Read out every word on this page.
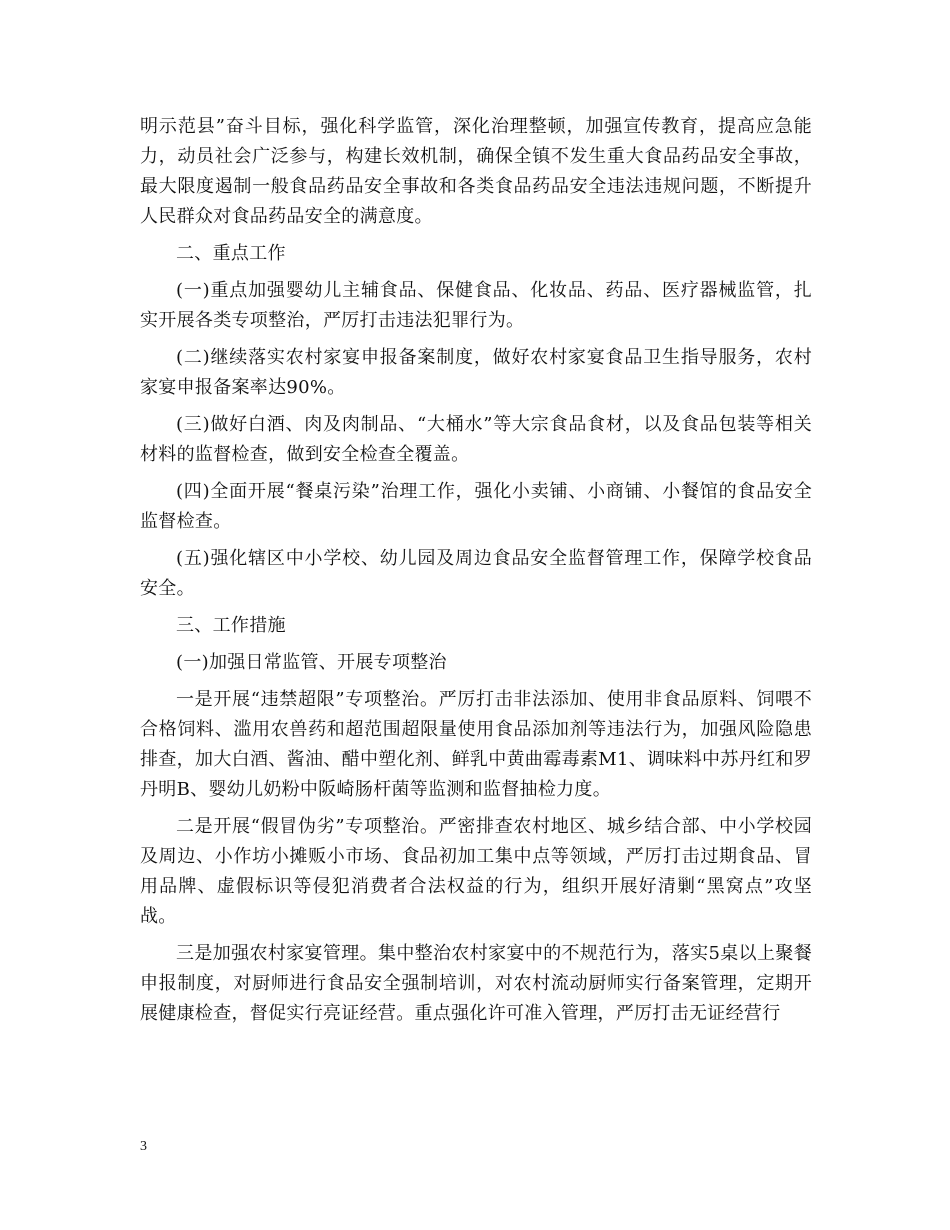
明示范县”奋斗目标，强化科学监管，深化治理整顿，加强宣传教育，提高应急能力，动员社会广泛参与，构建长效机制，确保全镇不发生重大食品药品安全事故，最大限度遏制一般食品药品安全事故和各类食品药品安全违法违规问题，不断提升人民群众对食品药品安全的满意度。

二、重点工作

(一)重点加强婴幼儿主辅食品、保健食品、化妆品、药品、医疗器械监管，扎实开展各类专项整治，严厉打击违法犯罪行为。

(二)继续落实农村家宴申报备案制度，做好农村家宴食品卫生指导服务，农村家宴申报备案率达90%。

(三)做好白酒、肉及肉制品、“大桶水”等大宗食品食材，以及食品包装等相关材料的监督检查，做到安全检查全覆盖。

(四)全面开展“餐桌污染”治理工作，强化小卖铺、小商铺、小餐馆的食品安全监督检查。

(五)强化辖区中小学校、幼儿园及周边食品安全监督管理工作，保障学校食品安全。

三、工作措施

(一)加强日常监管、开展专项整治

一是开展“违禁超限”专项整治。严厉打击非法添加、使用非食品原料、饲喂不合格饲料、滥用农兽药和超范围超限量使用食品添加剂等违法行为，加强风险隐患排查，加大白酒、酱油、醋中塑化剂、鲜乳中黄曲霉毒素M1、调味料中苏丹红和罗丹明B、婴幼儿奶粉中阪崎肠杆菌等监测和监督抽检力度。

二是开展“假冒伪劣”专项整治。严密排查农村地区、城乡结合部、中小学校园及周边、小作坊小摊贩小市场、食品初加工集中点等领域，严厉打击过期食品、冒用品牌、虚假标识等侵犯消费者合法权益的行为，组织开展好清剿“黑窝点”攻坚战。

三是加强农村家宴管理。集中整治农村家宴中的不规范行为，落实5桌以上聚餐申报制度，对厨师进行食品安全强制培训，对农村流动厨师实行备案管理，定期开展健康检查，督促实行亮证经营。重点强化许可准入管理，严厉打击无证经营行

3
